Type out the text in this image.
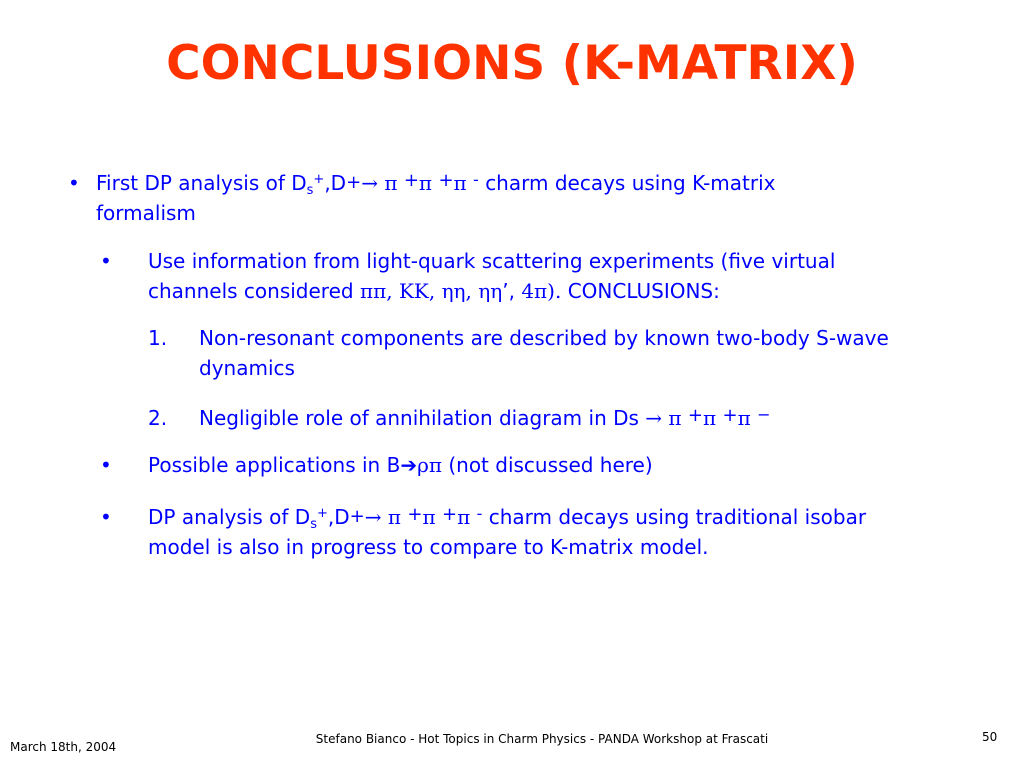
CONCLUSIONS (K-MATRIX)
• First DP analysis of $D_s^+,D^+\to \pi$ +π +π - charm decays using K-matrix
formalism
• Use information from light-quark scattering experiments (five virtual
channels considered ππ, KK, ηη, ηη’, 4π). CONCLUSIONS:
1. Non-resonant components are described by known two-body S-wave
dynamics
2. Negligible role of annihilation diagram in Ds → π +π +π −
• Possible applications in B➔ρπ (not discussed here)
• DP analysis of $D_s^+,D^+\to \pi$ +π +π - charm decays using traditional isobar
model is also in progress to compare to K-matrix model.
March 18th, 2004
Stefano Bianco - Hot Topics in Charm Physics - PANDA Workshop at Frascati	50
